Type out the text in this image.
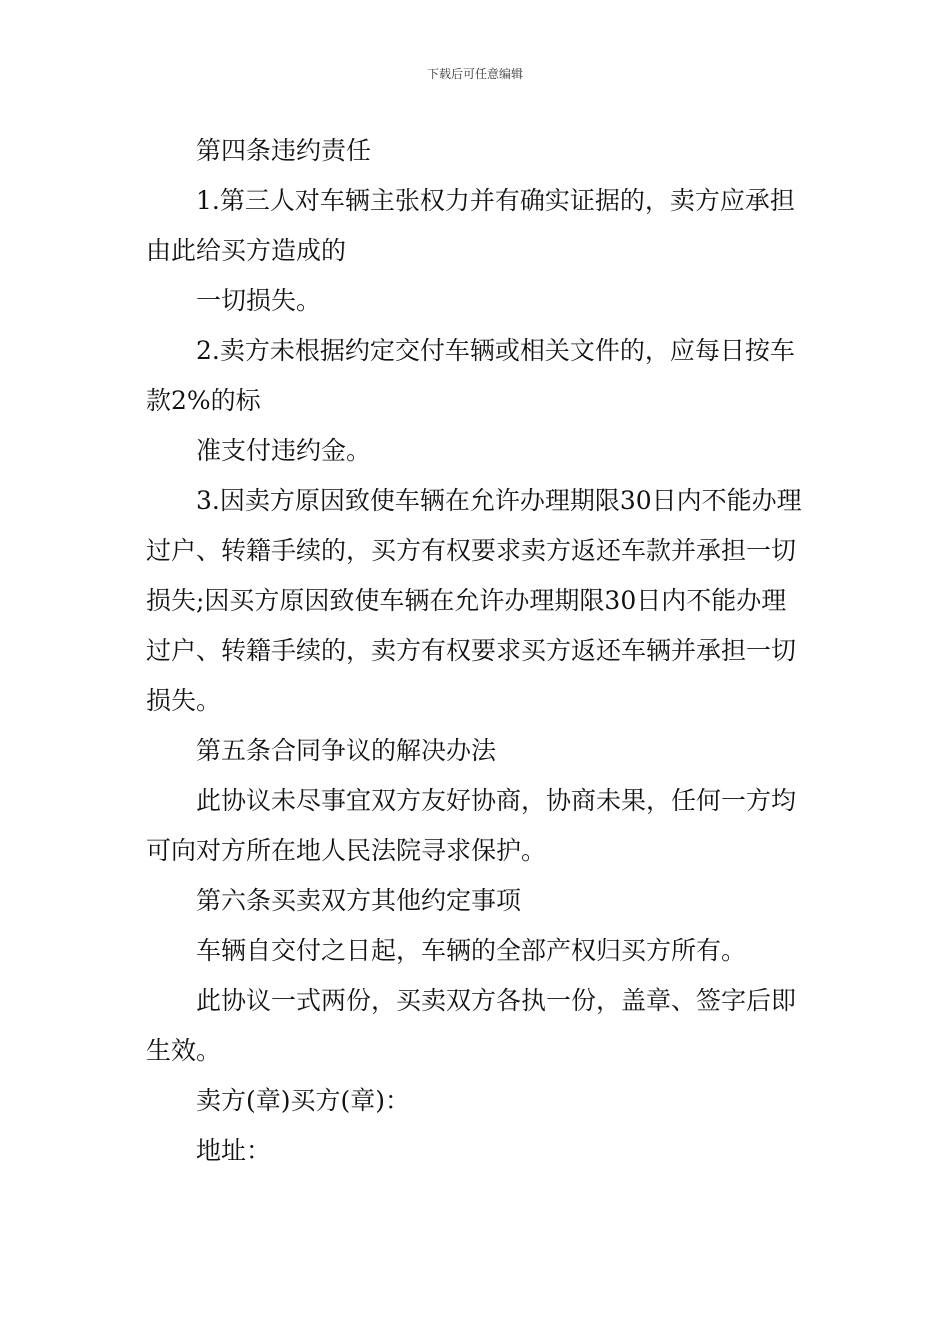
下载后可任意编辑

第四条违约责任

1.第三人对车辆主张权力并有确实证据的，卖方应承担由此给买方造成的

一切损失。

2.卖方未根据约定交付车辆或相关文件的，应每日按车款2%的标

准支付违约金。

3.因卖方原因致使车辆在允许办理期限30日内不能办理过户、转籍手续的，买方有权要求卖方返还车款并承担一切损失;因买方原因致使车辆在允许办理期限30日内不能办理过户、转籍手续的，卖方有权要求买方返还车辆并承担一切损失。

第五条合同争议的解决办法

此协议未尽事宜双方友好协商，协商未果，任何一方均可向对方所在地人民法院寻求保护。

第六条买卖双方其他约定事项

车辆自交付之日起，车辆的全部产权归买方所有。

此协议一式两份，买卖双方各执一份，盖章、签字后即生效。

卖方(章)买方(章)：

地址：
